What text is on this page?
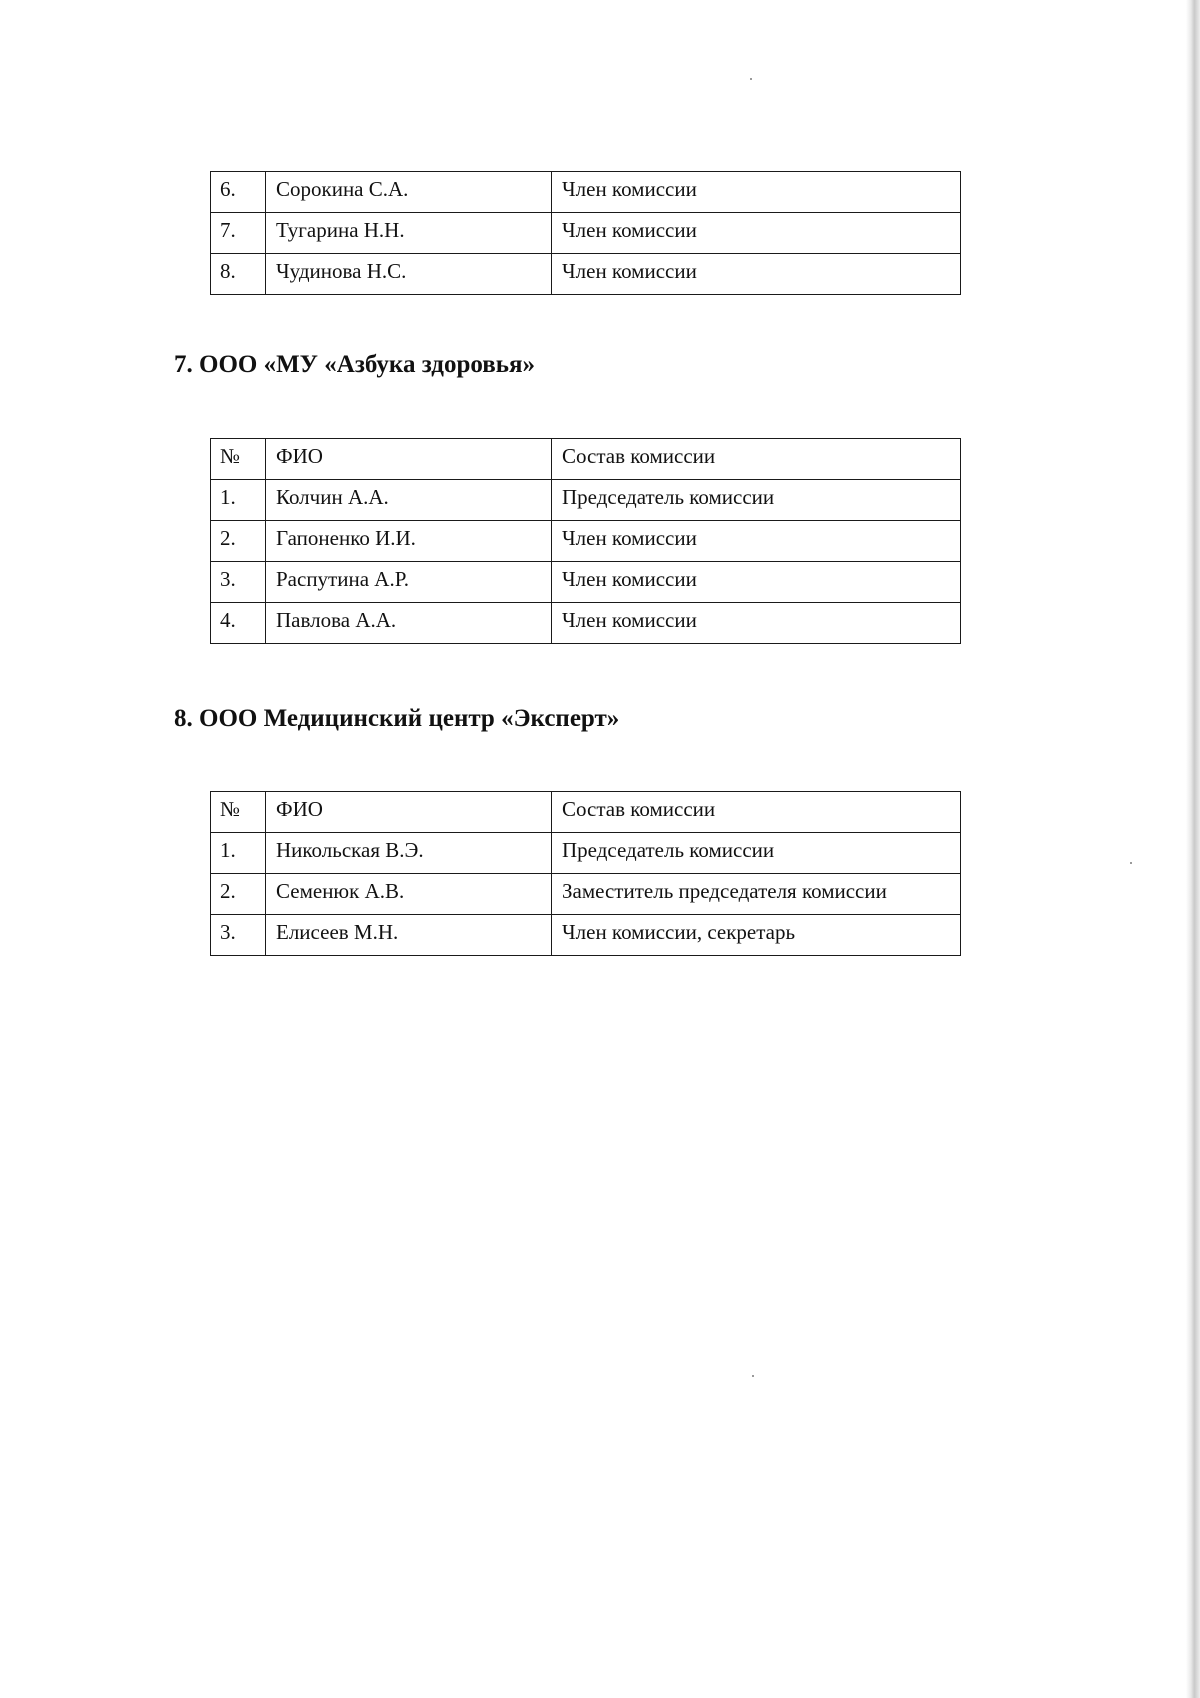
6.	Сорокина С.А.	Член комиссии
7.	Тугарина Н.Н.	Член комиссии
8.	Чудинова Н.С.	Член комиссии
7. ООО «МУ «Азбука здоровья»
№	ФИО	Состав комиссии
1.	Колчин А.А.	Председатель комиссии
2.	Гапоненко И.И.	Член комиссии
3.	Распутина А.Р.	Член комиссии
4.	Павлова А.А.	Член комиссии
8. ООО Медицинский центр «Эксперт»
№	ФИО	Состав комиссии
1.	Никольская В.Э.	Председатель комиссии
2.	Семенюк А.В.	Заместитель председателя комиссии
3.	Елисеев М.Н.	Член комиссии, секретарь
